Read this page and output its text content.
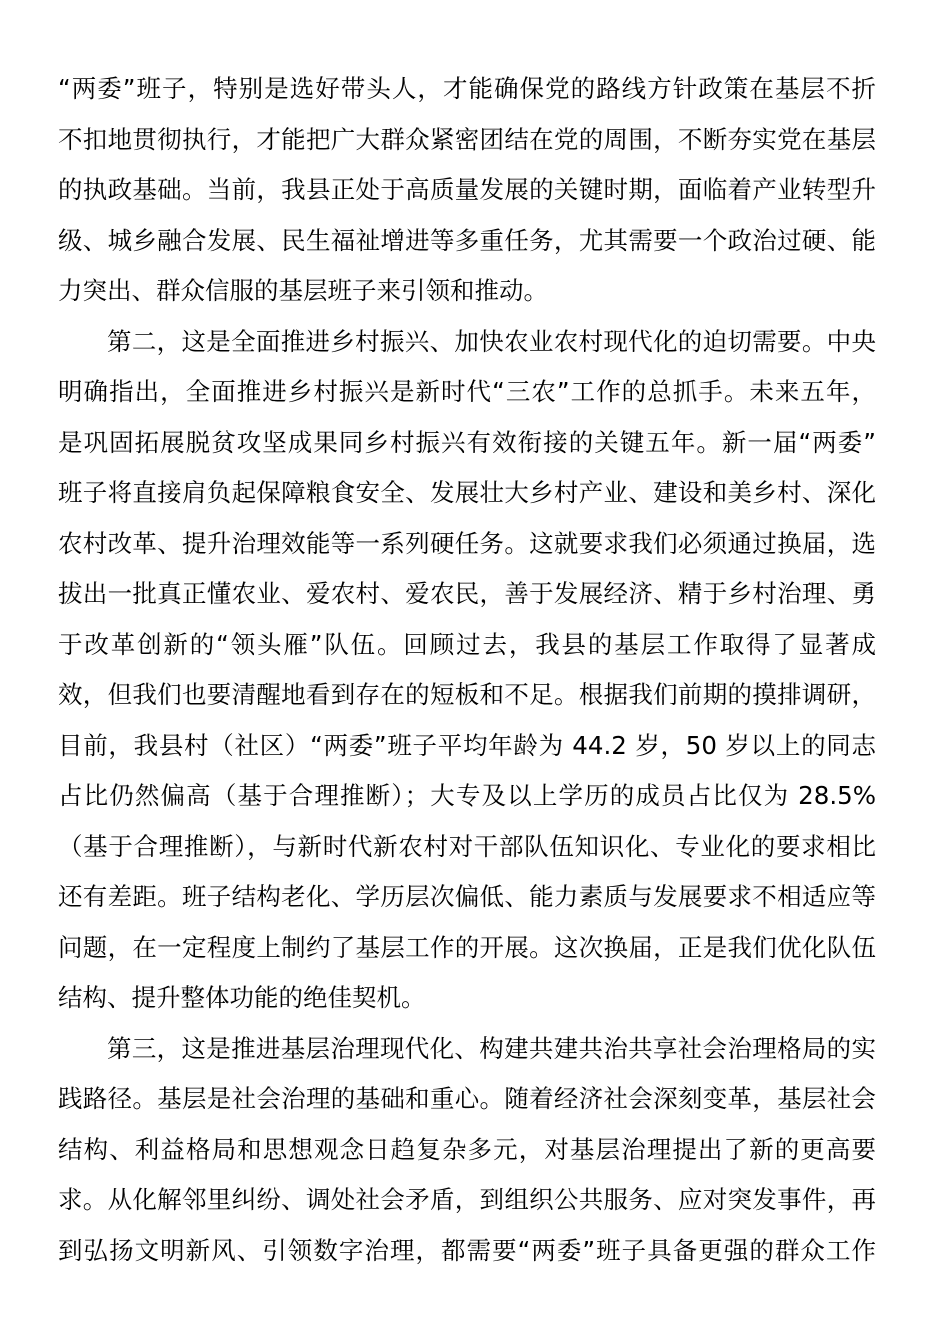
“两委”班子，特别是选好带头人，才能确保党的路线方针政策在基层不折
不扣地贯彻执行，才能把广大群众紧密团结在党的周围，不断夯实党在基层
的执政基础。当前，我县正处于高质量发展的关键时期，面临着产业转型升
级、城乡融合发展、民生福祉增进等多重任务，尤其需要一个政治过硬、能
力突出、群众信服的基层班子来引领和推动。
第二，这是全面推进乡村振兴、加快农业农村现代化的迫切需要。中央
明确指出，全面推进乡村振兴是新时代“三农”工作的总抓手。未来五年，
是巩固拓展脱贫攻坚成果同乡村振兴有效衔接的关键五年。新一届“两委”
班子将直接肩负起保障粮食安全、发展壮大乡村产业、建设和美乡村、深化
农村改革、提升治理效能等一系列硬任务。这就要求我们必须通过换届，选
拔出一批真正懂农业、爱农村、爱农民，善于发展经济、精于乡村治理、勇
于改革创新的“领头雁”队伍。回顾过去，我县的基层工作取得了显著成
效，但我们也要清醒地看到存在的短板和不足。根据我们前期的摸排调研，
目前，我县村（社区）“两委”班子平均年龄为 44.2 岁，50 岁以上的同志
占比仍然偏高（基于合理推断）；大专及以上学历的成员占比仅为 28.5%
（基于合理推断），与新时代新农村对干部队伍知识化、专业化的要求相比
还有差距。班子结构老化、学历层次偏低、能力素质与发展要求不相适应等
问题，在一定程度上制约了基层工作的开展。这次换届，正是我们优化队伍
结构、提升整体功能的绝佳契机。
第三，这是推进基层治理现代化、构建共建共治共享社会治理格局的实
践路径。基层是社会治理的基础和重心。随着经济社会深刻变革，基层社会
结构、利益格局和思想观念日趋复杂多元，对基层治理提出了新的更高要
求。从化解邻里纠纷、调处社会矛盾，到组织公共服务、应对突发事件，再
到弘扬文明新风、引领数字治理，都需要“两委”班子具备更强的群众工作
